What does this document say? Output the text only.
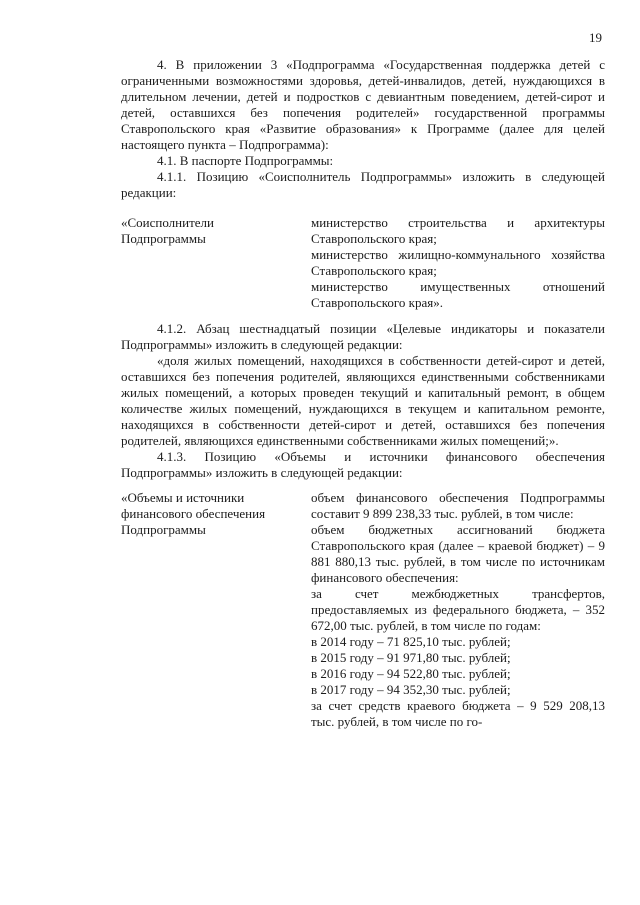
19

4. В приложении 3 «Подпрограмма «Государственная поддержка детей с ограниченными возможностями здоровья, детей-инвалидов, детей, нуждающихся в длительном лечении, детей и подростков с девиантным поведением, детей-сирот и детей, оставшихся без попечения родителей» государственной программы Ставропольского края «Развитие образования» к Программе (далее для целей настоящего пункта – Подпрограмма):

4.1. В паспорте Подпрограммы:

4.1.1. Позицию «Соисполнитель Подпрограммы» изложить в следующей редакции:

«Соисполнители Подпрограммы

министерство строительства и архитектуры Ставропольского края;

министерство жилищно-коммунального хозяйства Ставропольского края;

министерство имущественных отношений Ставропольского края».

4.1.2. Абзац шестнадцатый позиции «Целевые индикаторы и показатели Подпрограммы» изложить в следующей редакции:

«доля жилых помещений, находящихся в собственности детей-сирот и детей, оставшихся без попечения родителей, являющихся единственными собственниками жилых помещений, а которых проведен текущий и капитальный ремонт, в общем количестве жилых помещений, нуждающихся в текущем и капитальном ремонте, находящихся в собственности детей-сирот и детей, оставшихся без попечения родителей, являющихся единственными собственниками жилых помещений;».

4.1.3. Позицию «Объемы и источники финансового обеспечения Подпрограммы» изложить в следующей редакции:

«Объемы и источники финансового обеспечения Подпрограммы

объем финансового обеспечения Подпрограммы составит 9 899 238,33 тыс. рублей, в том числе:

объем бюджетных ассигнований бюджета Ставропольского края (далее – краевой бюджет) – 9 881 880,13 тыс. рублей, в том числе по источникам финансового обеспечения:

за счет межбюджетных трансфертов, предоставляемых из федерального бюджета, – 352 672,00 тыс. рублей, в том числе по годам:

в 2014 году – 71 825,10 тыс. рублей;

в 2015 году – 91 971,80 тыс. рублей;

в 2016 году – 94 522,80 тыс. рублей;

в 2017 году – 94 352,30 тыс. рублей;

за счет средств краевого бюджета – 9 529 208,13 тыс. рублей, в том числе по го-
